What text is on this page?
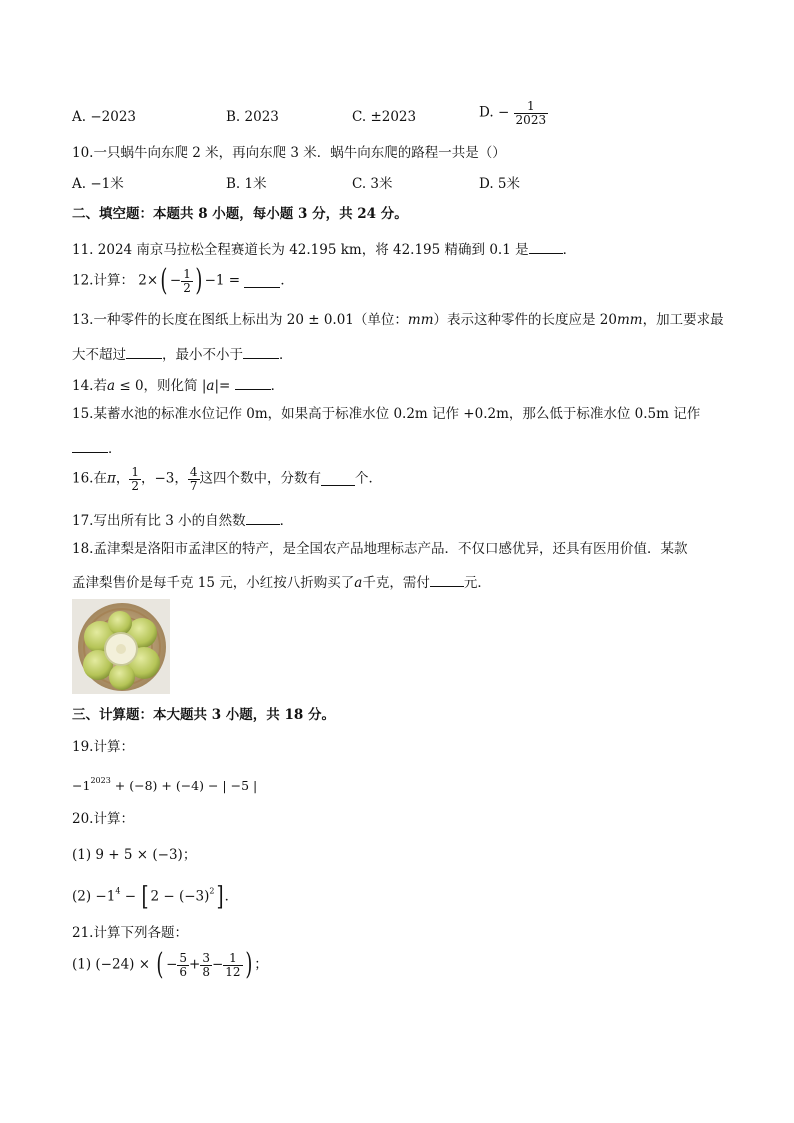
A. −2023	B. 2023	C. ±2023	D. − $\frac{1}{2023}$
10.一只蜗牛向东爬 2 米，再向东爬 3 米．蜗牛向东爬的路程一共是（）
A. −1米	B. 1米	C. 3米	D. 5米
二、填空题：本题共 8 小题，每小题 3 分，共 24 分。
11. 2024 南京马拉松全程赛道长为 42.195 km，将 42.195 精确到 0.1 是	．
12.计算： $2\times( - \frac{1}{2}$ ) −1 =	．
13.一种零件的长度在图纸上标出为 20 ± 0.01（单位：mm）表示这种零件的长度应是 20mm，加工要求最
大不超过	，最小不小于	．
14.若a ≤ 0，则化简 |a|=	．
15.某蓄水池的标准水位记作 0m，如果高于标准水位 0.2m 记作 +0.2m，那么低于标准水位 0.5m 记作
．
16.在π， $\frac{1}{2}$ ，−3， $\frac{4}{7}$ 这四个数中，分数有	个．
17.写出所有比 3 小的自然数	．
18.孟津梨是洛阳市孟津区的特产，是全国农产品地理标志产品．不仅口感优异，还具有医用价值．某款
孟津梨售价是每千克 15 元，小红按八折购买了a千克，需付	元．
三、计算题：本大题共 3 小题，共 18 分。
19.计算：
$-1^{2023} + (-8) + (-4)$ − | −5 |
20.计算：
(1) 9 + 5 × (−3)；
$(2) -1^4$ − [ $2 - (-3)^2$] ．
21.计算下列各题：
(1) (−24) × ( − $\frac{5}{6} + \frac{3}{8} - \frac{1}{12}$ ) ；
